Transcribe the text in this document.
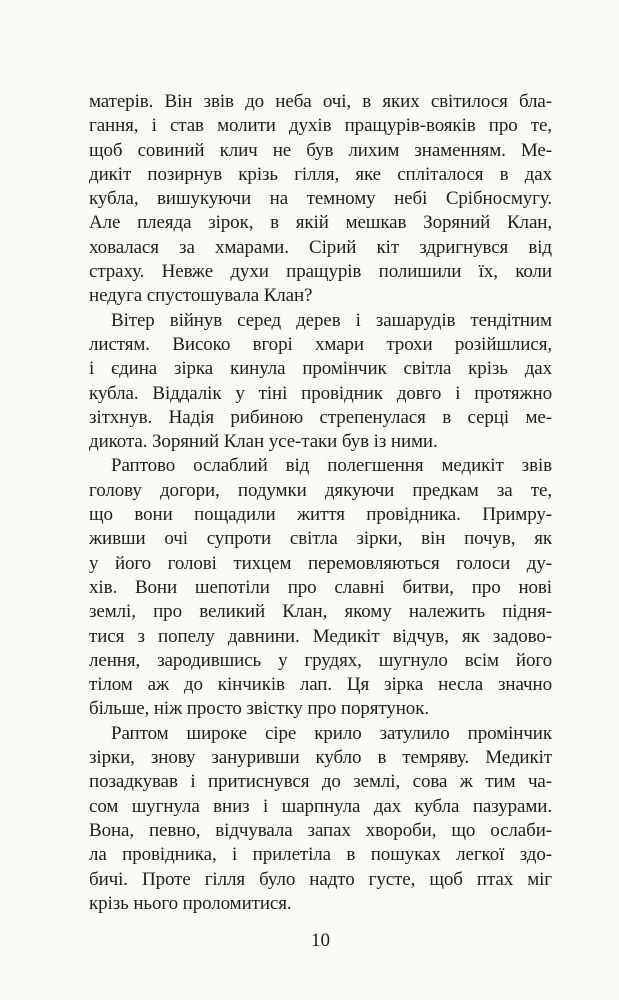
матерів. Він звів до неба очі, в яких світилося бла-
гання, і став молити духів пращурів-вояків про те,
щоб совиний клич не був лихим знаменням. Ме-
дикіт позирнув крізь гілля, яке спліталося в дах
кубла, вишукуючи на темному небі Срібносмугу.
Але плеяда зірок, в якій мешкав Зоряний Клан,
ховалася за хмарами. Сірий кіт здригнувся від
страху. Невже духи пращурів полишили їх, коли
недуга спустошувала Клан?
Вітер війнув серед дерев і зашарудів тендітним
листям. Високо вгорі хмари трохи розійшлися,
і єдина зірка кинула промінчик світла крізь дах
кубла. Віддалік у тіні провідник довго і протяжно
зітхнув. Надія рибиною стрепенулася в серці ме-
дикота. Зоряний Клан усе-таки був із ними.
Раптово ослаблий від полегшення медикіт звів
голову догори, подумки дякуючи предкам за те,
що вони пощадили життя провідника. Примру-
живши очі супроти світла зірки, він почув, як
у його голові тихцем перемовляються голоси ду-
хів. Вони шепотіли про славні битви, про нові
землі, про великий Клан, якому належить підня-
тися з попелу давнини. Медикіт відчув, як задово-
лення, зародившись у грудях, шугнуло всім його
тілом аж до кінчиків лап. Ця зірка несла значно
більше, ніж просто звістку про порятунок.
Раптом широке сіре крило затулило промінчик
зірки, знову зануривши кубло в темряву. Медикіт
позадкував і притиснувся до землі, сова ж тим ча-
сом шугнула вниз і шарпнула дах кубла пазурами.
Вона, певно, відчувала запах хвороби, що ослаби-
ла провідника, і прилетіла в пошуках легкої здо-
бичі. Проте гілля було надто густе, щоб птах міг
крізь нього проломитися.
10
